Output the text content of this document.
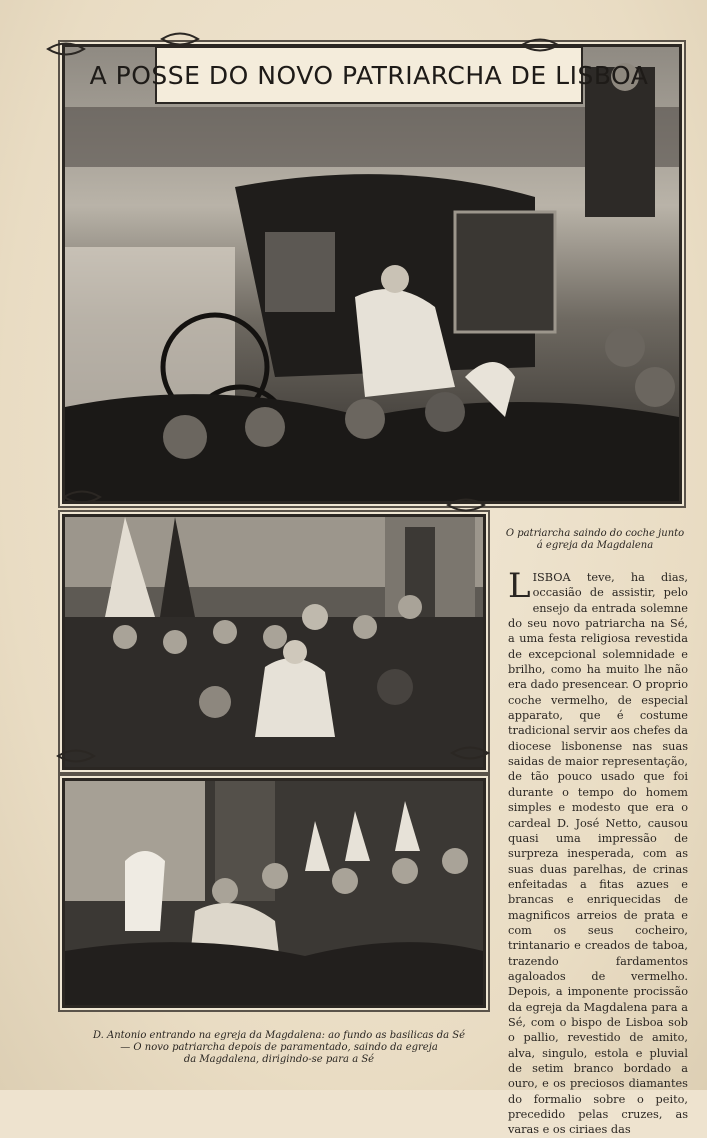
A POSSE DO NOVO PATRIARCHA DE LISBOA
O patriarcha saindo do coche junto á egreja da Magdalena
LISBOA teve, ha dias, occasião de assistir, pelo ensejo da entrada solemne do seu novo patriarcha na Sé, a uma festa religiosa revestida de excepcional solemnidade e brilho, como ha muito lhe não era dado presencear. O proprio coche vermelho, de especial apparato, que é costume tradicional servir aos chefes da diocese lisbonense nas suas saidas de maior representação, de tão pouco usado que foi durante o tempo do homem simples e modesto que era o cardeal D. José Netto, causou quasi uma impressão de surpreza inesperada, com as suas duas parelhas, de crinas enfeitadas a fitas azues e brancas e enriquecidas de magnificos arreios de prata e com os seus cocheiro, trintanario e creados de taboa, trazendo fardamentos agaloados de vermelho. Depois, a imponente procissão da egreja da Magdalena para a Sé, com o bispo de Lisboa sob o pallio, revestido de amito, alva, singulo, estola e pluvial de setim branco bordado a ouro, e os preciosos diamantes do formalio sobre o peito, precedido pelas cruzes, as varas e os ciriaes das
D. Antonio entrando na egreja da Magdalena: ao fundo as basilicas da Sé
— O novo patriarcha depois de paramentado, saindo da egreja
da Magdalena, dirigindo-se para a Sé
